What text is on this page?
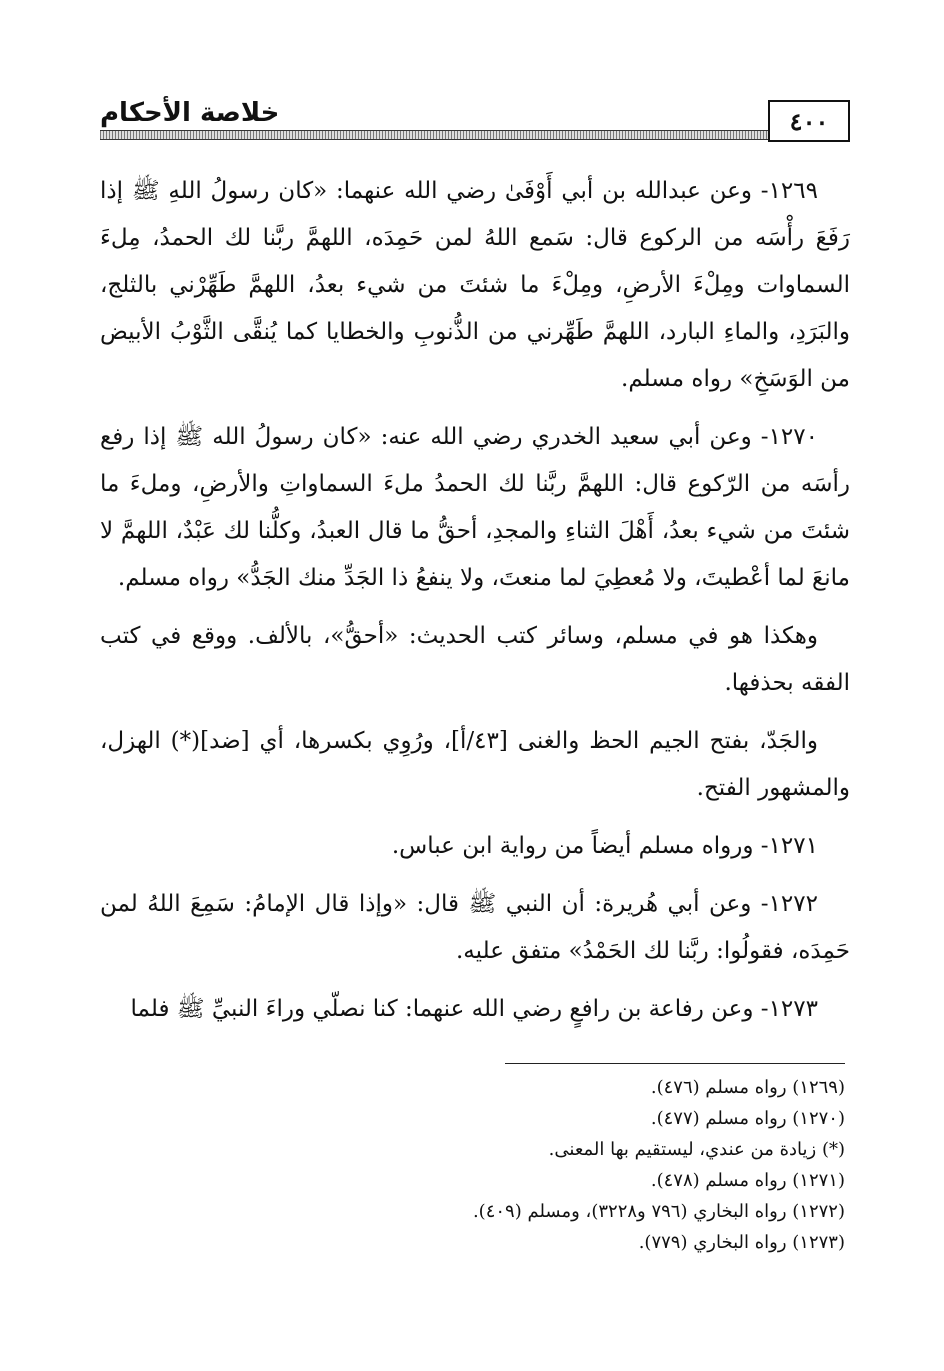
٤٠٠
خلاصة الأحكام

١٢٦٩- وعن عبدالله بن أبي أَوْفَىٰ رضي الله عنهما: «كان رسولُ اللهِ ﷺ إذا رَفَعَ رأْسَه من الركوع قال: سَمع اللهُ لمن حَمِدَه، اللهمَّ ربَّنا لك الحمدُ، مِلءَ السماوات ومِلْءَ الأرضِ، ومِلْءَ ما شئتَ من شيء بعدُ، اللهمَّ طَهِّرْني بالثلج، والبَرَدِ، والماءِ البارد، اللهمَّ طَهِّرني من الذُّنوبِ والخطايا كما يُنقَّى الثَّوْبُ الأبيض من الوَسَخِ» رواه مسلم.

١٢٧٠- وعن أبي سعيد الخدري رضي الله عنه: «كان رسولُ الله ﷺ إذا رفع رأسَه من الرّكوع قال: اللهمَّ ربَّنا لك الحمدُ ملءَ السماواتِ والأرضِ، وملءَ ما شئتَ من شيء بعدُ، أَهْلَ الثناءِ والمجدِ، أحقُّ ما قال العبدُ، وكلُّنا لك عَبْدٌ، اللهمَّ لا مانعَ لما أعْطيتَ، ولا مُعطِيَ لما منعتَ، ولا ينفعُ ذا الجَدِّ منك الجَدُّ» رواه مسلم.

وهكذا هو في مسلم، وسائر كتب الحديث: «أحقُّ»، بالألف. ووقع في كتب الفقه بحذفها.

والجَدّ، بفتح الجيم الحظ والغنى [٤٣/أ]، ورُوِي بكسرها، أي [ضد](*) الهزل، والمشهور الفتح.

١٢٧١- ورواه مسلم أيضاً من رواية ابن عباس.

١٢٧٢- وعن أبي هُريرة: أن النبي ﷺ قال: «وإذا قال الإمامُ: سَمِعَ اللهُ لمن حَمِدَه، فقولُوا: ربَّنا لك الحَمْدُ» متفق عليه.

١٢٧٣- وعن رفاعة بن رافعٍ رضي الله عنهما: كنا نصلّي وراءَ النبيِّ ﷺ فلما

(١٢٦٩) رواه مسلم (٤٧٦).

(١٢٧٠) رواه مسلم (٤٧٧).

(*) زيادة من عندي، ليستقيم بها المعنى.

(١٢٧١) رواه مسلم (٤٧٨).

(١٢٧٢) رواه البخاري (٧٩٦ و٣٢٢٨)، ومسلم (٤٠٩).

(١٢٧٣) رواه البخاري (٧٧٩).
